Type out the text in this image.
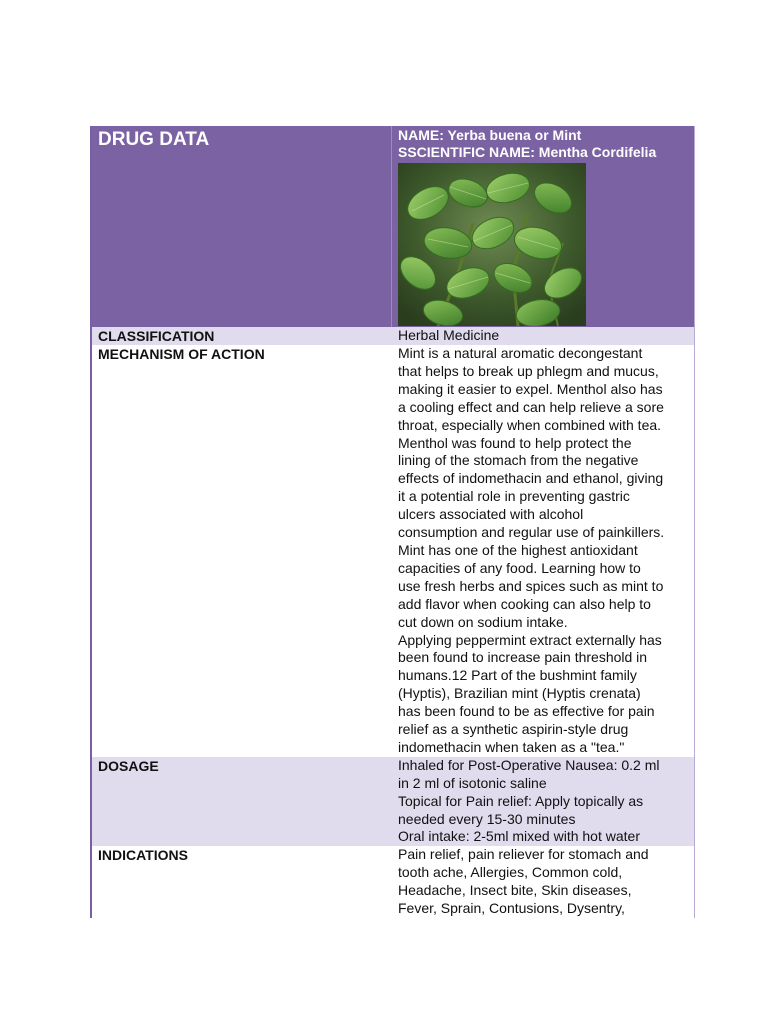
DRUG DATA	NAME: Yerba buena or Mint
SSCIENTIFIC NAME: Mentha Cordifelia
CLASSIFICATION	Herbal Medicine
MECHANISM OF ACTION	Mint is a natural aromatic decongestant
that helps to break up phlegm and mucus,
making it easier to expel. Menthol also has
a cooling effect and can help relieve a sore
throat, especially when combined with tea.
Menthol was found to help protect the
lining of the stomach from the negative
effects of indomethacin and ethanol, giving
it a potential role in preventing gastric
ulcers associated with alcohol
consumption and regular use of painkillers.
Mint has one of the highest antioxidant
capacities of any food. Learning how to
use fresh herbs and spices such as mint to
add flavor when cooking can also help to
cut down on sodium intake.
Applying peppermint extract externally has
been found to increase pain threshold in
humans.12 Part of the bushmint family
(Hyptis), Brazilian mint (Hyptis crenata)
has been found to be as effective for pain
relief as a synthetic aspirin-style drug
indomethacin when taken as a "tea."
DOSAGE	Inhaled for Post-Operative Nausea: 0.2 ml
in 2 ml of isotonic saline
Topical for Pain relief: Apply topically as
needed every 15-30 minutes
Oral intake: 2-5ml mixed with hot water
INDICATIONS	Pain relief, pain reliever for stomach and
tooth ache, Allergies, Common cold,
Headache, Insect bite, Skin diseases,
Fever, Sprain, Contusions, Dysentry,
